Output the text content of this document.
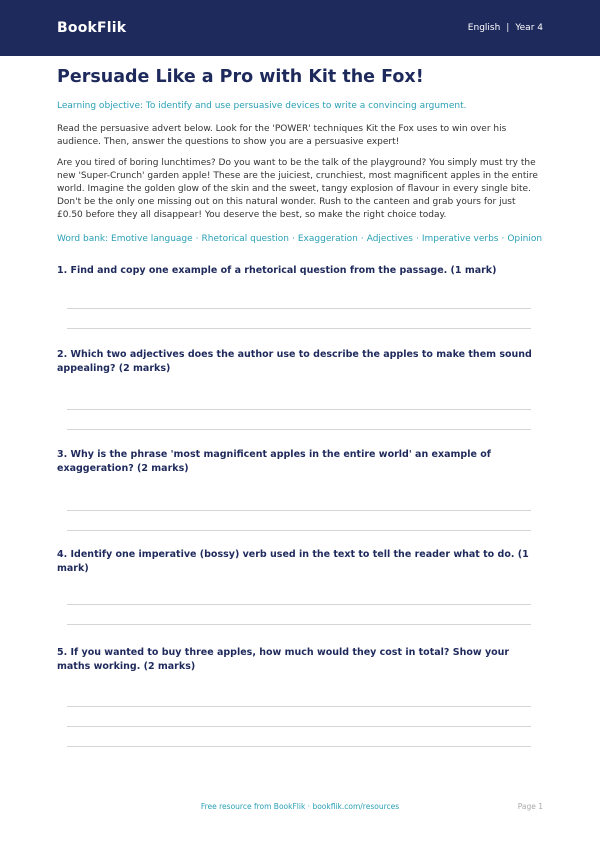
BookFlik	English | Year 4
Persuade Like a Pro with Kit the Fox!

Learning objective: To identify and use persuasive devices to write a convincing argument.

Read the persuasive advert below. Look for the 'POWER' techniques Kit the Fox uses to win over his audience. Then, answer the questions to show you are a persuasive expert!

Are you tired of boring lunchtimes? Do you want to be the talk of the playground? You simply must try the new 'Super-Crunch' garden apple! These are the juiciest, crunchiest, most magnificent apples in the entire world. Imagine the golden glow of the skin and the sweet, tangy explosion of flavour in every single bite. Don't be the only one missing out on this natural wonder. Rush to the canteen and grab yours for just £0.50 before they all disappear! You deserve the best, so make the right choice today.

Word bank: Emotive language · Rhetorical question · Exaggeration · Adjectives · Imperative verbs · Opinion

1. Find and copy one example of a rhetorical question from the passage. (1 mark)

2. Which two adjectives does the author use to describe the apples to make them sound appealing? (2 marks)

3. Why is the phrase 'most magnificent apples in the entire world' an example of exaggeration? (2 marks)

4. Identify one imperative (bossy) verb used in the text to tell the reader what to do. (1 mark)

5. If you wanted to buy three apples, how much would they cost in total? Show your maths working. (2 marks)

Free resource from BookFlik · bookflik.com/resources	Page 1
